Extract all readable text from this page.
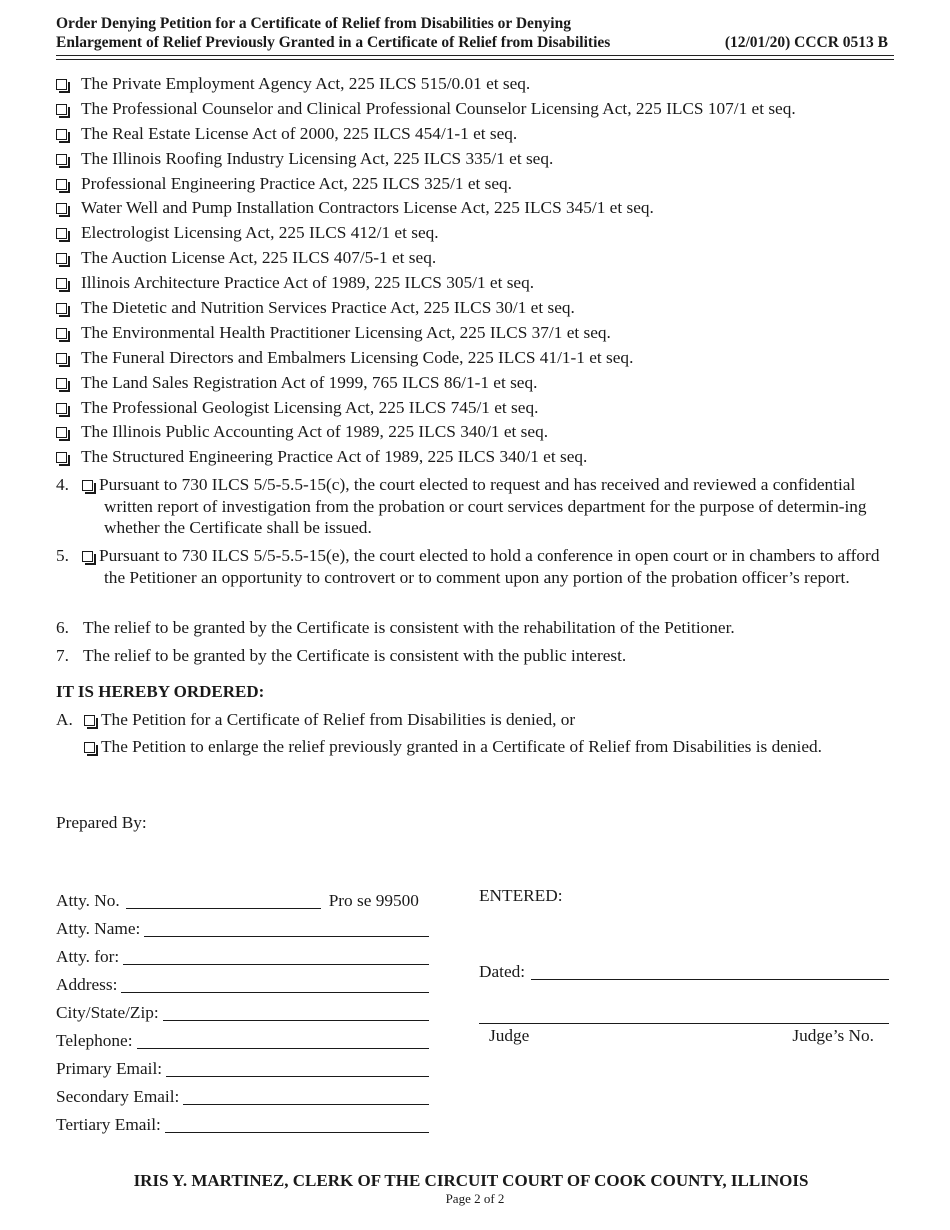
Order Denying Petition for a Certificate of Relief from Disabilities or Denying
Enlargement of Relief Previously Granted in a Certificate of Relief from Disabilities	(12/01/20) CCCR 0513 B
The Private Employment Agency Act, 225 ILCS 515/0.01 et seq.
The Professional Counselor and Clinical Professional Counselor Licensing Act, 225 ILCS 107/1 et seq.
The Real Estate License Act of 2000, 225 ILCS 454/1-1 et seq.
The Illinois Roofing Industry Licensing Act, 225 ILCS 335/1 et seq.
Professional Engineering Practice Act, 225 ILCS 325/1 et seq.
Water Well and Pump Installation Contractors License Act, 225 ILCS 345/1 et seq.
Electrologist Licensing Act, 225 ILCS 412/1 et seq.
The Auction License Act, 225 ILCS 407/5-1 et seq.
Illinois Architecture Practice Act of 1989, 225 ILCS 305/1 et seq.
The Dietetic and Nutrition Services Practice Act, 225 ILCS 30/1 et seq.
The Environmental Health Practitioner Licensing Act, 225 ILCS 37/1 et seq.
The Funeral Directors and Embalmers Licensing Code, 225 ILCS 41/1-1 et seq.
The Land Sales Registration Act of 1999, 765 ILCS 86/1-1 et seq.
The Professional Geologist Licensing Act, 225 ILCS 745/1 et seq.
The Illinois Public Accounting Act of 1989, 225 ILCS 340/1 et seq.
The Structured Engineering Practice Act of 1989, 225 ILCS 340/1 et seq.
4. Pursuant to 730 ILCS 5/5-5.5-15(c), the court elected to request and has received and reviewed a confidential written report of investigation from the probation or court services department for the purpose of determin-ing whether the Certificate shall be issued.
5. Pursuant to 730 ILCS 5/5-5.5-15(e), the court elected to hold a conference in open court or in chambers to afford the Petitioner an opportunity to controvert or to comment upon any portion of the probation officer’s report.
6. The relief to be granted by the Certificate is consistent with the rehabilitation of the Petitioner.
7. The relief to be granted by the Certificate is consistent with the public interest.
IT IS HEREBY ORDERED:
A. The Petition for a Certificate of Relief from Disabilities is denied, or
The Petition to enlarge the relief previously granted in a Certificate of Relief from Disabilities is denied.
Prepared By:
Atty. No.	Pro se 99500
Atty. Name:
Atty. for:
Address:
City/State/Zip:
Telephone:
Primary Email:
Secondary Email:
Tertiary Email:
ENTERED:
Dated:
Judge	Judge’s No.
IRIS Y. MARTINEZ, CLERK OF THE CIRCUIT COURT OF COOK COUNTY, ILLINOIS
Page 2 of 2
